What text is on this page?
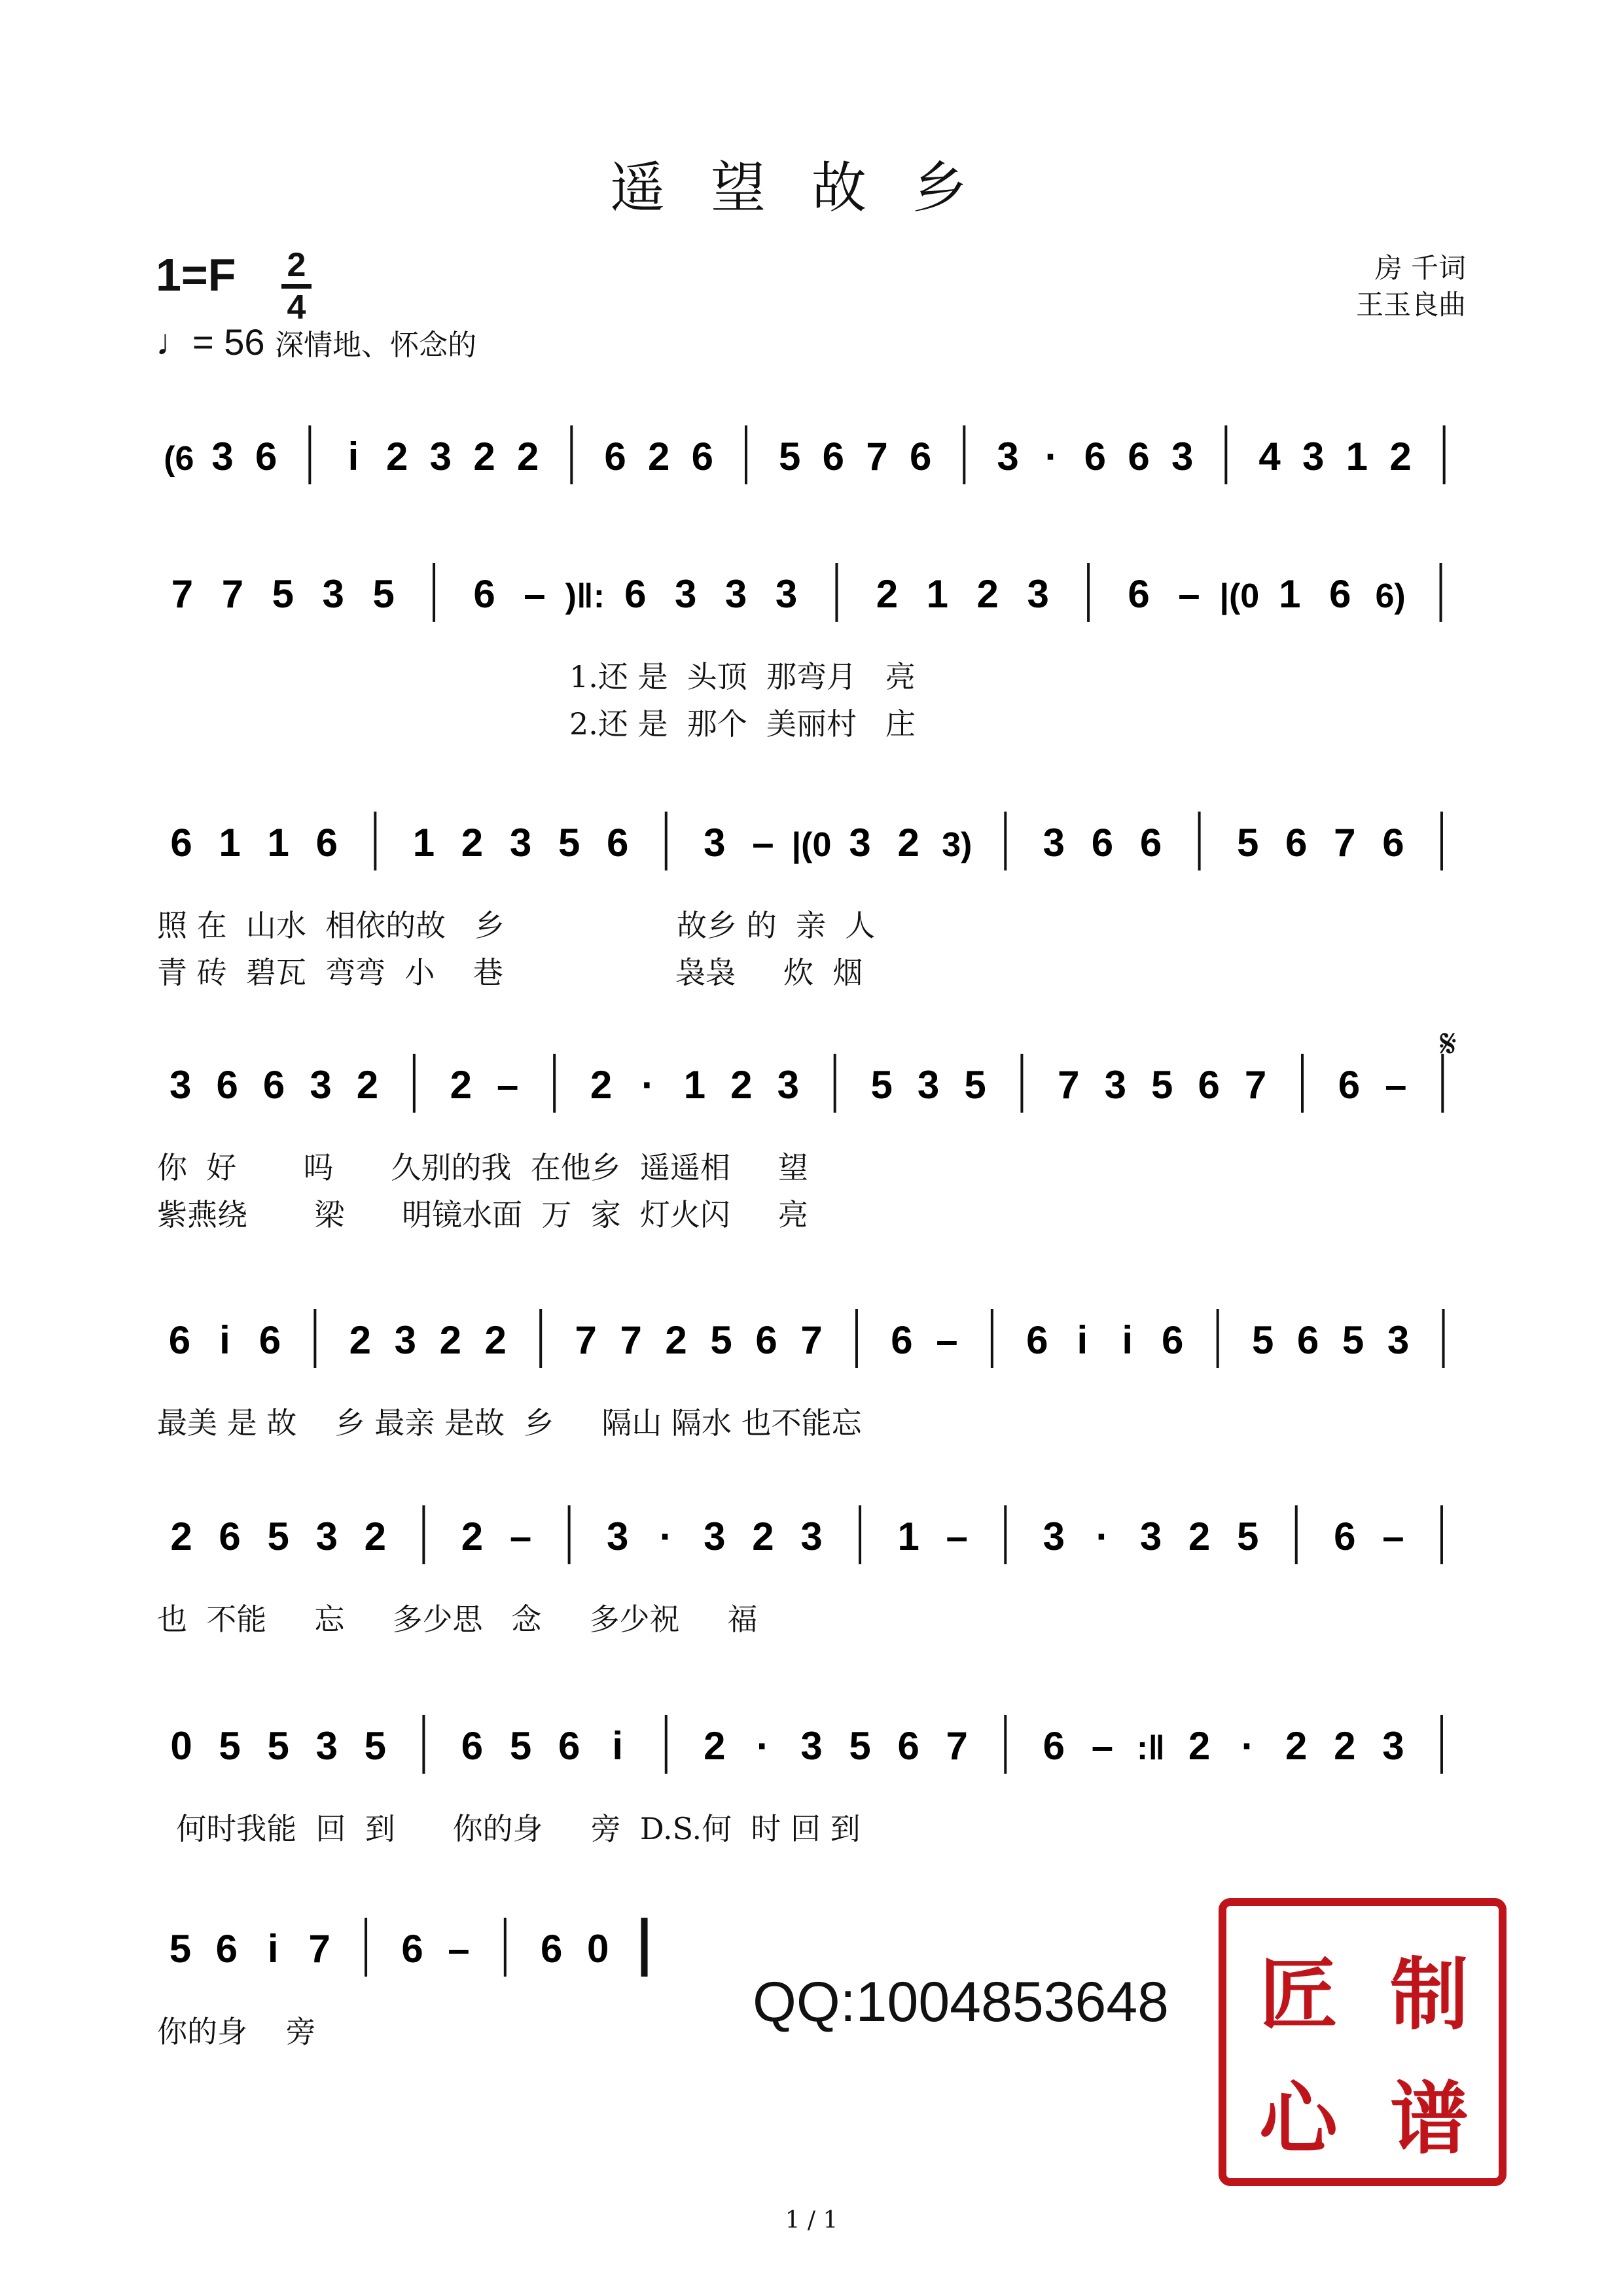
遥望故乡
1=F 2
4
♩= 56 深情地、怀念的
房 千词
王玉良曲
(6 3 6 i 2 3 2 2 6 2 6 5 6 7 6 3 · 6 6 3 4 3 1 2
7 7 5 3 5 6 – )‖: 6 3 3 3 2 1 2 3 6 – |(0 1 6 6)
1.还 是  头顶  那弯月   亮
2.还 是  那个  美丽村   庄
6 1 1 6 1 2 3 5 6 3 – |(0 3 2 3) 3 6 6 5 6 7 6
照 在  山水  相依的故   乡                  故乡 的  亲  人
青 砖  碧瓦  弯弯  小    巷                  袅袅     炊  烟
3 6 6 3 2 2 – 2 · 1 2 3 5 3 5 7 3 5 6 7 6 –
你  好       吗      久别的我  在他乡  遥遥相     望
紫燕绕       梁      明镜水面  万  家  灯火闪     亮
6 i 6 2 3 2 2 7 7 2 5 6 7 6 – 6 i i 6 5 6 5 3
最美 是 故    乡 最亲 是故  乡     隔山 隔水 也不能忘
2 6 5 3 2 2 – 3 · 3 2 3 1 – 3 · 3 2 5 6 –
也  不能     忘     多少思   念     多少祝     福
0 5 5 3 5 6 5 6 i 2 · 3 5 6 7 6 – :‖ 2 · 2 2 3
何时我能  回  到      你的身     旁  D.S.何  时 回 到
5 6 i 7 6 – 6 0
你的身    旁	QQ:1004853648 匠 制
心 谱
1 / 1
𝄋
